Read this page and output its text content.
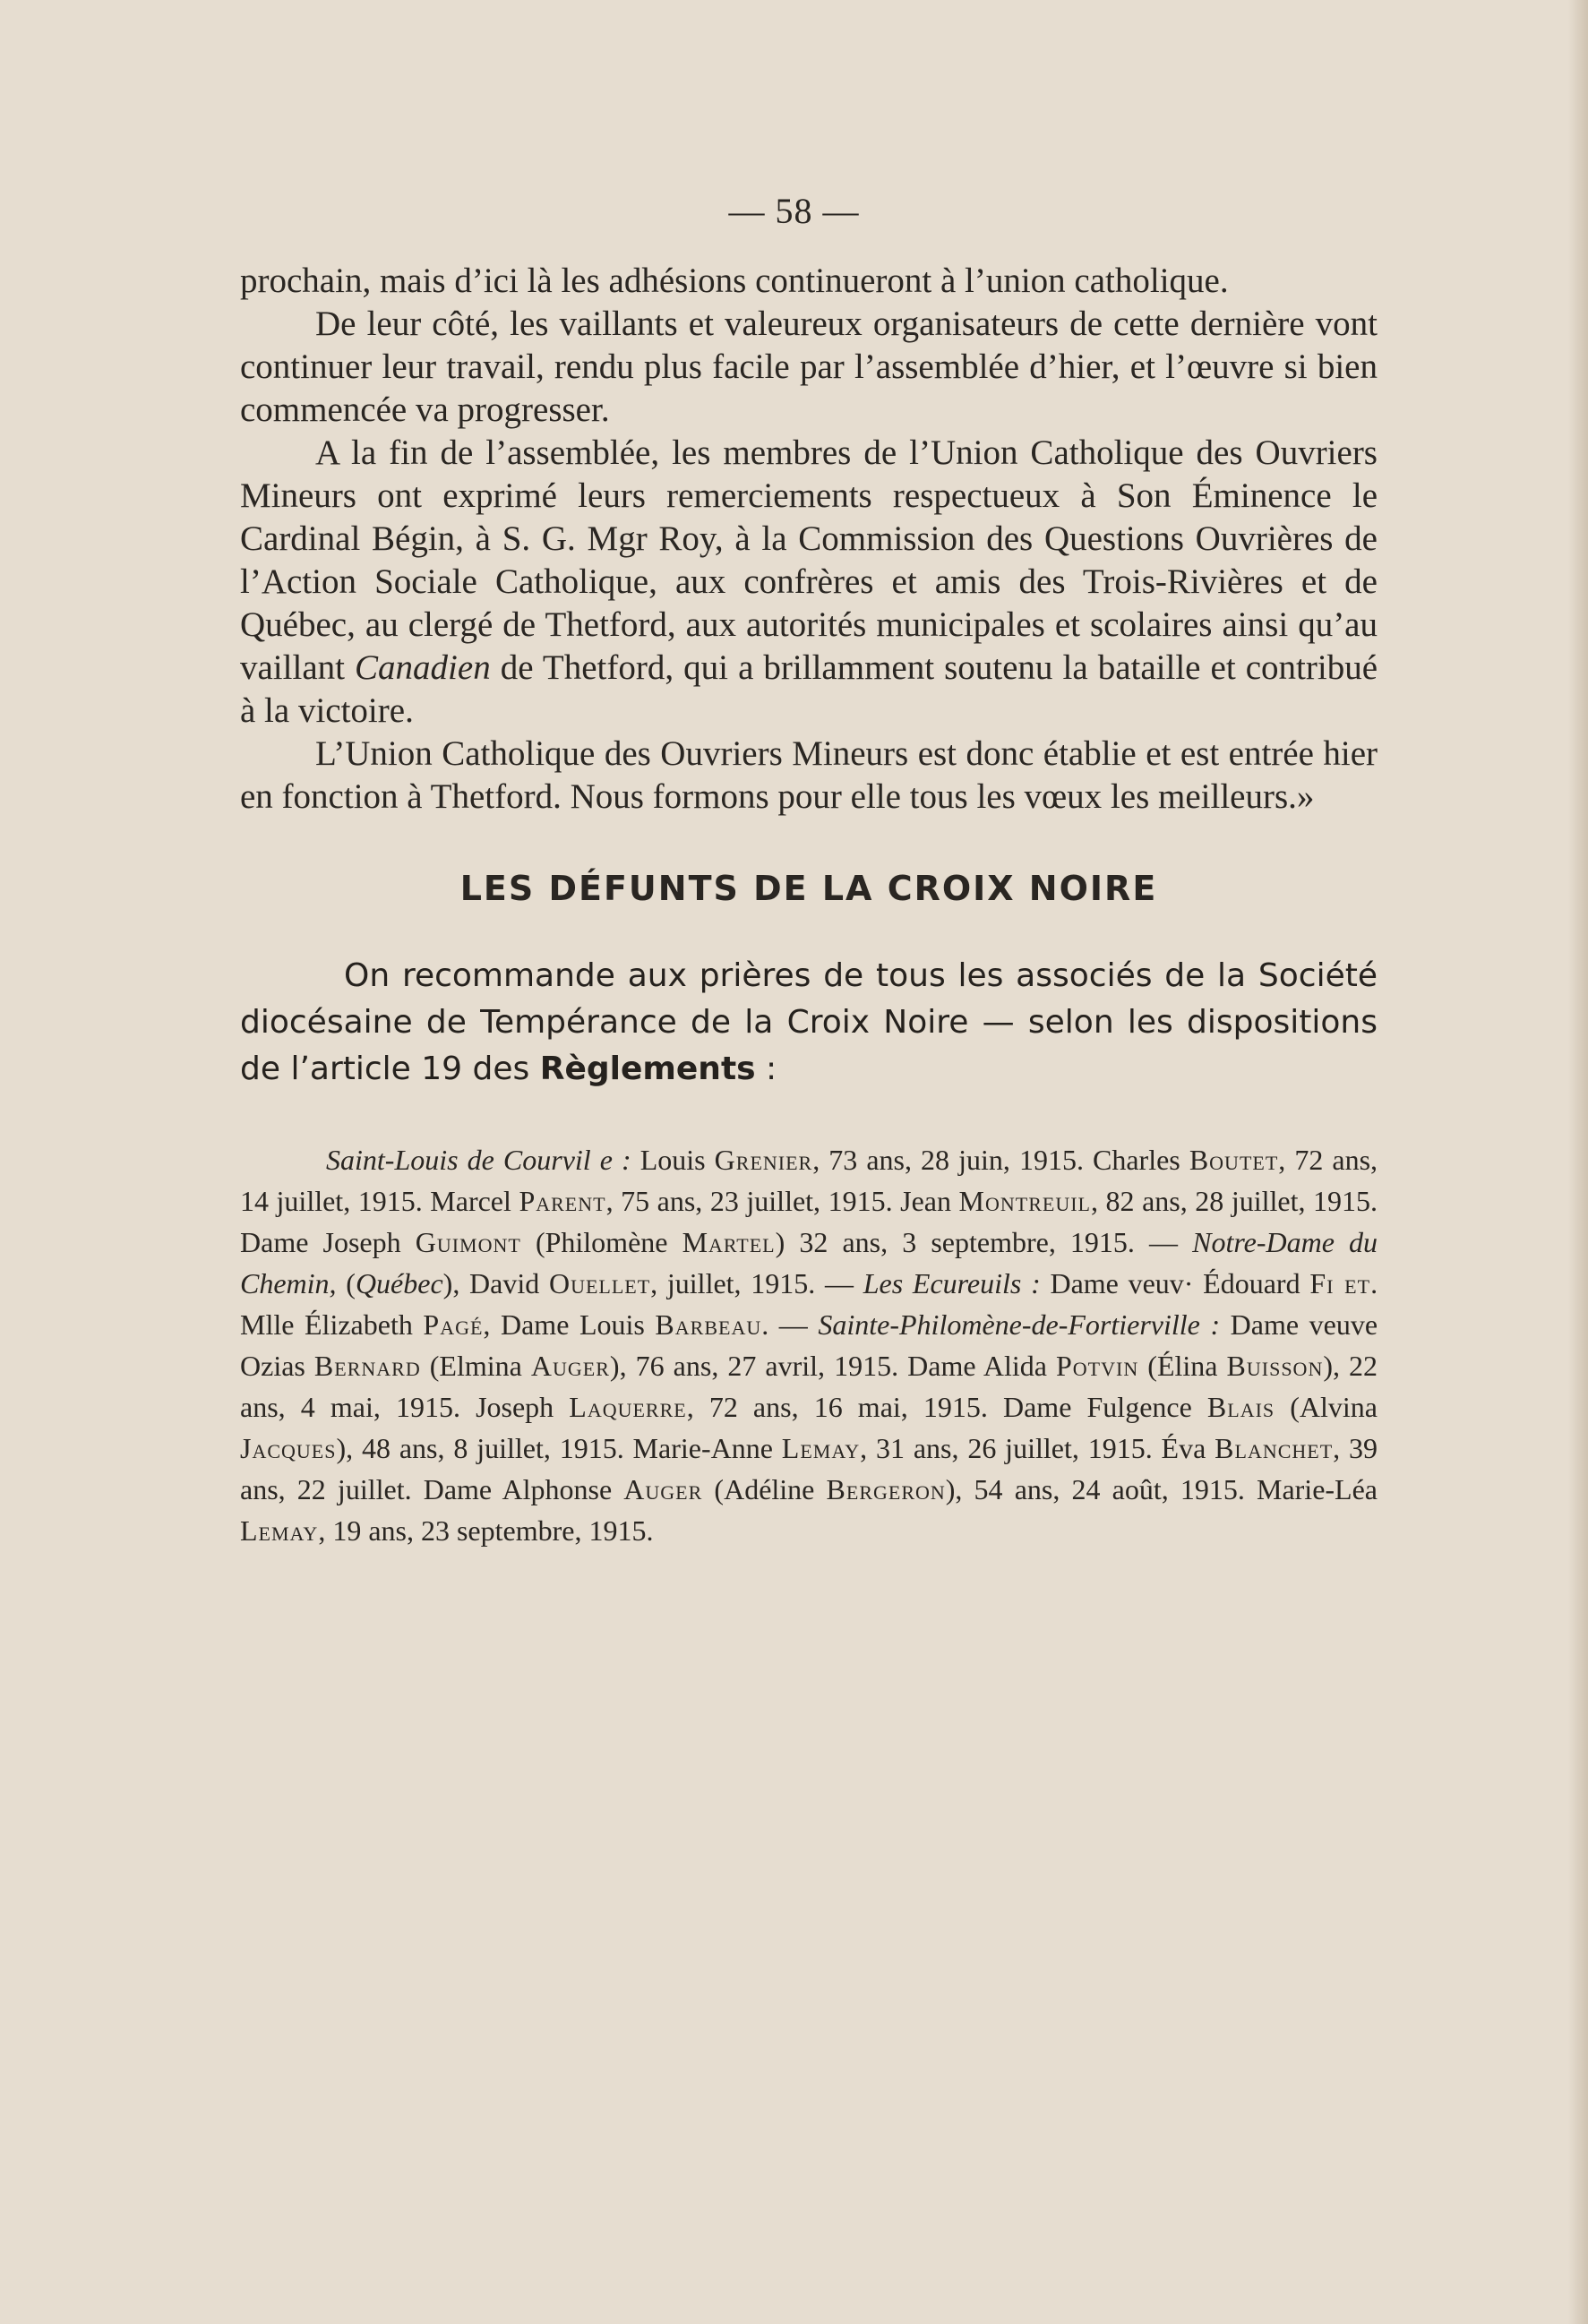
— 58 —

prochain, mais d’ici là les adhésions continueront à l’union catholique.

De leur côté, les vaillants et valeureux organisateurs de cette dernière vont continuer leur travail, rendu plus facile par l’assemblée d’hier, et l’œuvre si bien commencée va progresser.

A la fin de l’assemblée, les membres de l’Union Catholique des Ouvriers Mineurs ont exprimé leurs remerciements respectueux à Son Éminence le Cardinal Bégin, à S. G. Mgr Roy, à la Commission des Questions Ouvrières de l’Action Sociale Catholique, aux confrères et amis des Trois-Rivières et de Québec, au clergé de Thetford, aux autorités municipales et scolaires ainsi qu’au vaillant Canadien de Thetford, qui a brillamment soutenu la bataille et contribué à la victoire.

L’Union Catholique des Ouvriers Mineurs est donc établie et est entrée hier en fonction à Thetford. Nous formons pour elle tous les vœux les meilleurs.»

LES DÉFUNTS DE LA CROIX NOIRE

On recommande aux prières de tous les associés de la Société diocésaine de Tempérance de la Croix Noire — selon les dispositions de l’article 19 des Règlements :

Saint-Louis de Courvil e : Louis Grenier, 73 ans, 28 juin, 1915. Charles Boutet, 72 ans, 14 juillet, 1915. Marcel Parent, 75 ans, 23 juillet, 1915. Jean Montreuil, 82 ans, 28 juillet, 1915. Dame Joseph Guimont (Philomène Martel) 32 ans, 3 septembre, 1915. — Notre-Dame du Chemin, (Québec), David Ouellet, juillet, 1915. — Les Ecureuils : Dame veuv· Édouard Fi et. Mlle Élizabeth Pagé, Dame Louis Barbeau. — Sainte-Philomène-de-Fortierville : Dame veuve Ozias Bernard (Elmina Auger), 76 ans, 27 avril, 1915. Dame Alida Potvin (Élina Buisson), 22 ans, 4 mai, 1915. Joseph Laquerre, 72 ans, 16 mai, 1915. Dame Fulgence Blais (Alvina Jacques), 48 ans, 8 juillet, 1915. Marie-Anne Lemay, 31 ans, 26 juillet, 1915. Éva Blanchet, 39 ans, 22 juillet. Dame Alphonse Auger (Adéline Bergeron), 54 ans, 24 août, 1915. Marie-Léa Lemay, 19 ans, 23 septembre, 1915.
